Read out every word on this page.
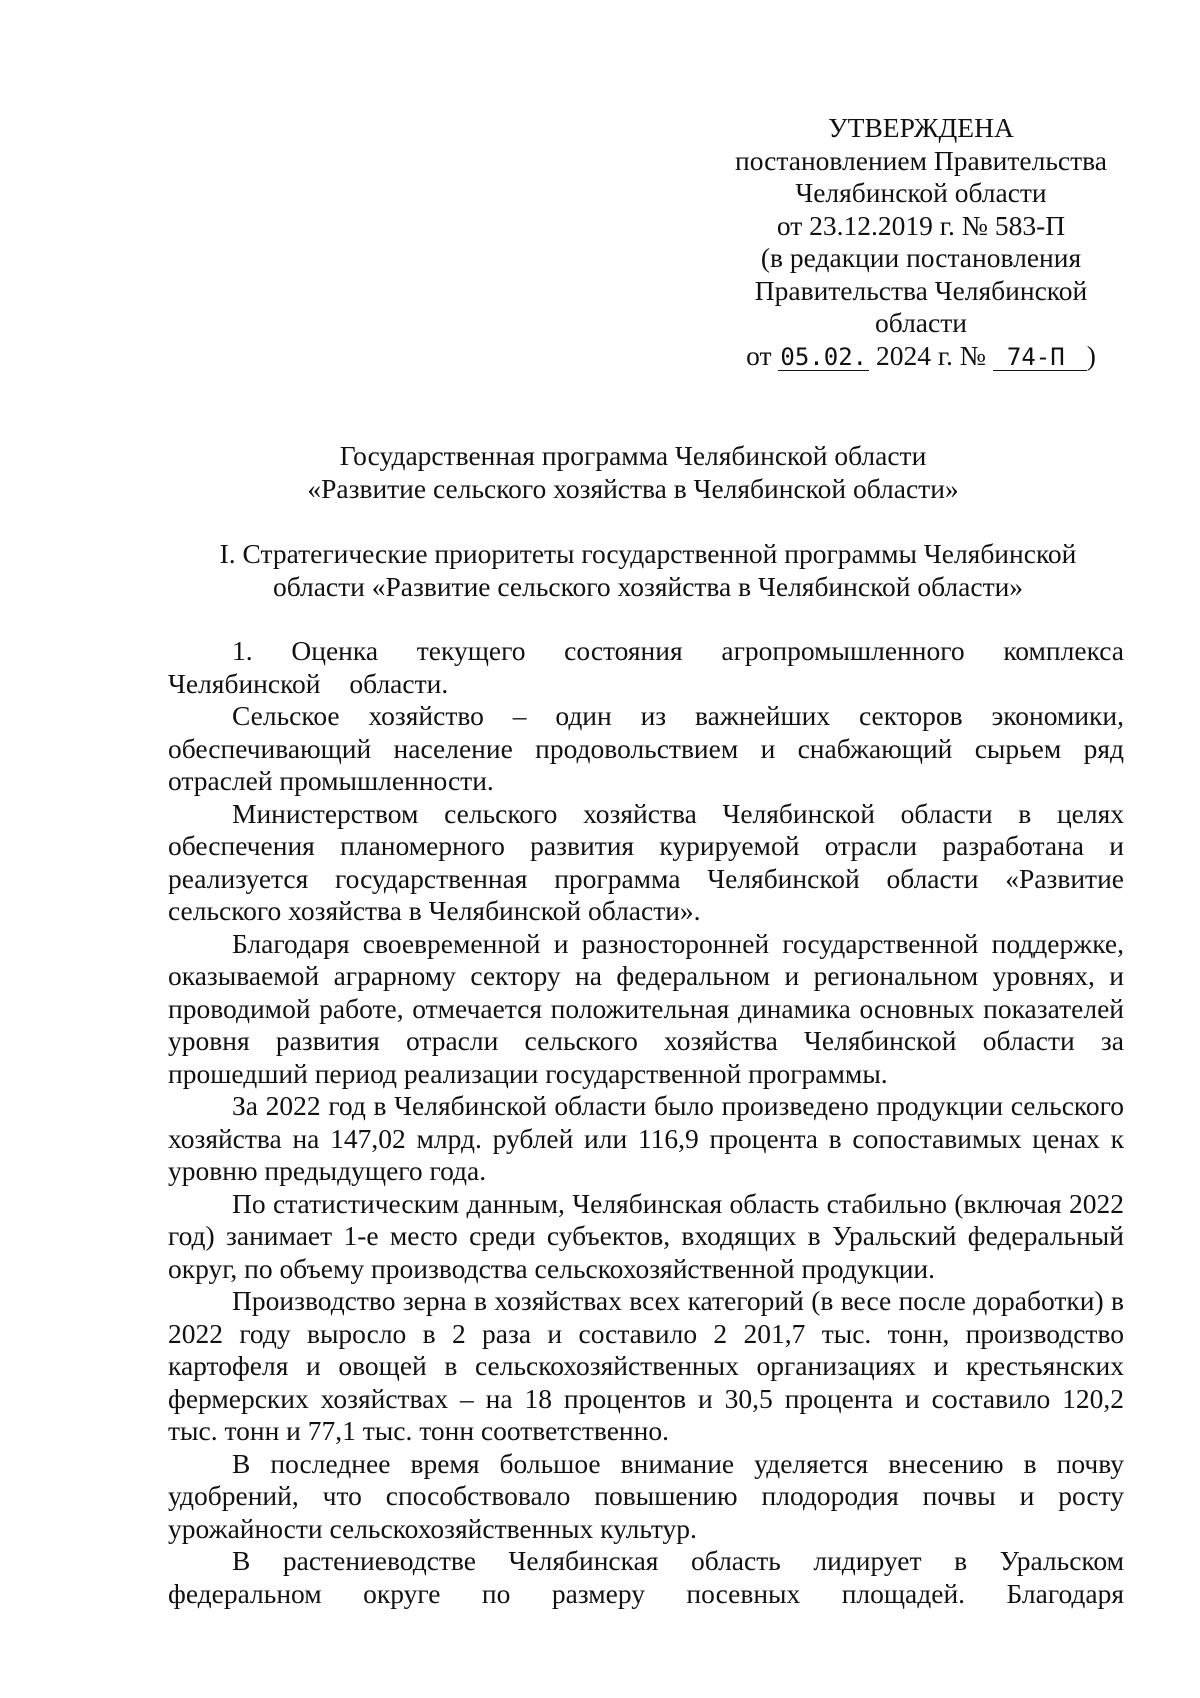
УТВЕРЖДЕНА
постановлением Правительства
Челябинской области
от 23.12.2019 г. № 583-П
(в редакции постановления
Правительства Челябинской
области
от 05.02. 2024 г. № 74-П )
Государственная программа Челябинской области
«Развитие сельского хозяйства в Челябинской области»
I. Стратегические приоритеты государственной программы Челябинской
области «Развитие сельского хозяйства в Челябинской области»

1. Оценка текущего состояния агропромышленного комплекса Челябинской области.

Сельское хозяйство – один из важнейших секторов экономики, обеспечивающий население продовольствием и снабжающий сырьем ряд отраслей промышленности.

Министерством сельского хозяйства Челябинской области в целях обеспечения планомерного развития курируемой отрасли разработана и реализуется государственная программа Челябинской области «Развитие сельского хозяйства в Челябинской области».

Благодаря своевременной и разносторонней государственной поддержке, оказываемой аграрному сектору на федеральном и региональном уровнях, и проводимой работе, отмечается положительная динамика основных показателей уровня развития отрасли сельского хозяйства Челябинской области за прошедший период реализации государственной программы.

За 2022 год в Челябинской области было произведено продукции сельского хозяйства на 147,02 млрд. рублей или 116,9 процента в сопоставимых ценах к уровню предыдущего года.

По статистическим данным, Челябинская область стабильно (включая 2022 год) занимает 1-е место среди субъектов, входящих в Уральский федеральный округ, по объему производства сельскохозяйственной продукции.

Производство зерна в хозяйствах всех категорий (в весе после доработки) в 2022 году выросло в 2 раза и составило 2 201,7 тыс. тонн, производство картофеля и овощей в сельскохозяйственных организациях и крестьянских фермерских хозяйствах – на 18 процентов и 30,5 процента и составило 120,2 тыс. тонн и 77,1 тыс. тонн соответственно.

В последнее время большое внимание уделяется внесению в почву удобрений, что способствовало повышению плодородия почвы и росту урожайности сельскохозяйственных культур.

В растениеводстве Челябинская область лидирует в Уральском федеральном округе по размеру посевных площадей. Благодаря
